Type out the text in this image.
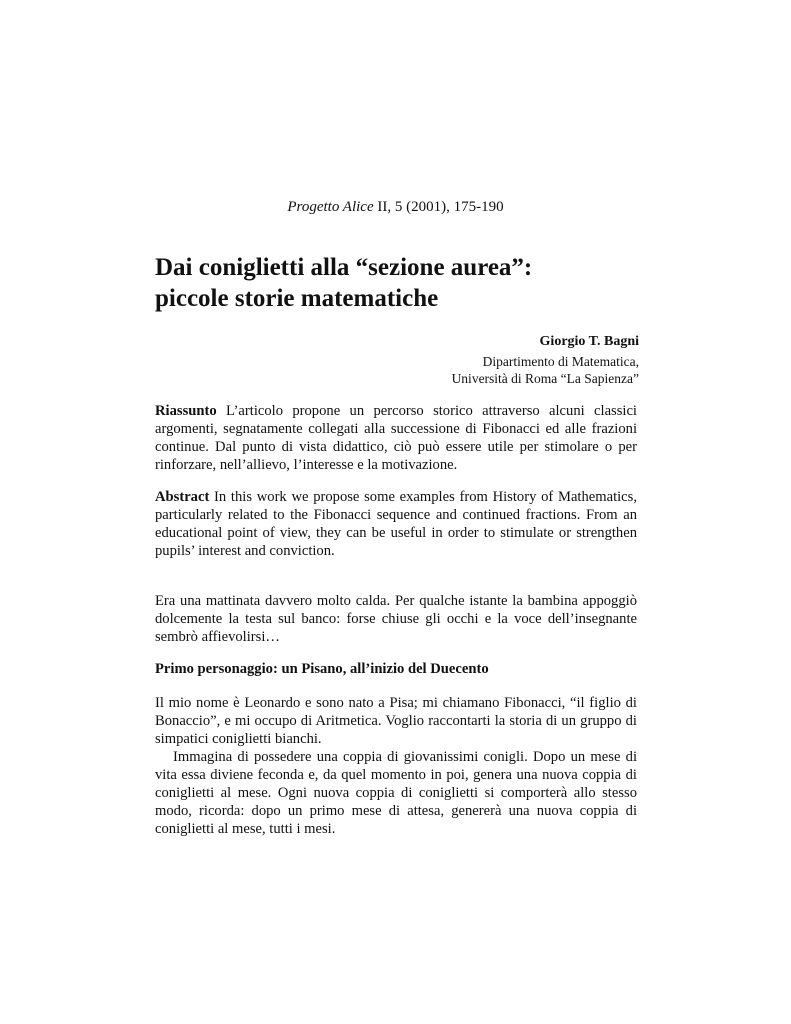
Progetto Alice II, 5 (2001), 175-190
Dai coniglietti alla “sezione aurea”:
piccole storie matematiche
Giorgio T. Bagni
Dipartimento di Matematica,
Università di Roma “La Sapienza”

Riassunto L’articolo propone un percorso storico attraverso alcuni classici argomenti, segnatamente collegati alla successione di Fibonacci ed alle frazioni continue. Dal punto di vista didattico, ciò può essere utile per stimolare o per rinforzare, nell’allievo, l’interesse e la motivazione.

Abstract In this work we propose some examples from History of Mathematics, particularly related to the Fibonacci sequence and continued fractions. From an educational point of view, they can be useful in order to stimulate or strengthen pupils’ interest and conviction.

Era una mattinata davvero molto calda. Per qualche istante la bambina appoggiò dolcemente la testa sul banco: forse chiuse gli occhi e la voce dell’insegnante sembrò affievolirsi…

Primo personaggio: un Pisano, all’inizio del Duecento

Il mio nome è Leonardo e sono nato a Pisa; mi chiamano Fibonacci, “il figlio di Bonaccio”, e mi occupo di Aritmetica. Voglio raccontarti la storia di un gruppo di simpatici coniglietti bianchi.

Immagina di possedere una coppia di giovanissimi conigli. Dopo un mese di vita essa diviene feconda e, da quel momento in poi, genera una nuova coppia di coniglietti al mese. Ogni nuova coppia di coniglietti si comporterà allo stesso modo, ricorda: dopo un primo mese di attesa, genererà una nuova coppia di coniglietti al mese, tutti i mesi.
